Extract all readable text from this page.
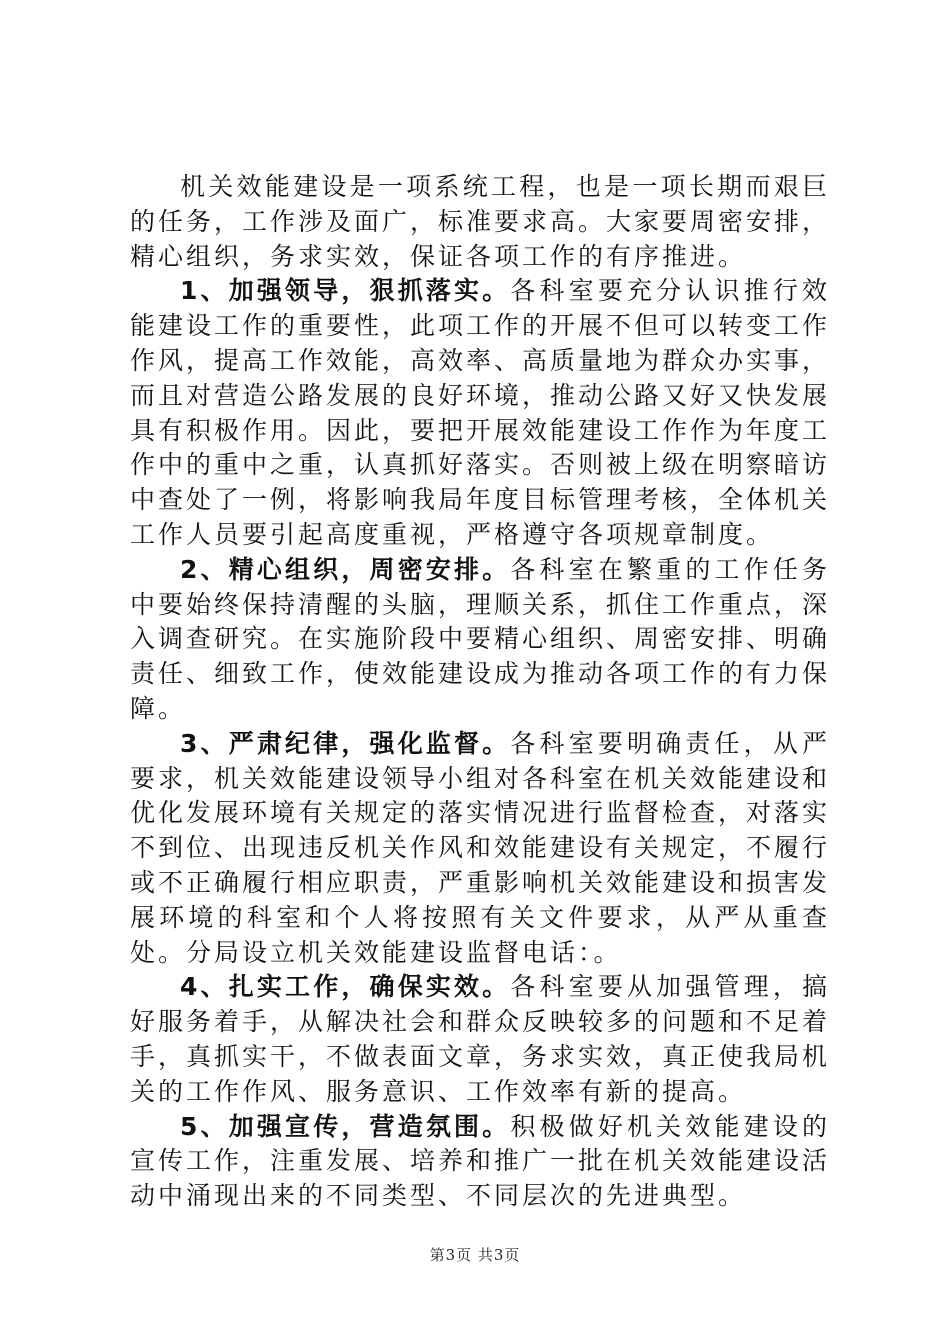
机关效能建设是一项系统工程，也是一项长期而艰巨的任务，工作涉及面广，标准要求高。大家要周密安排，精心组织，务求实效，保证各项工作的有序推进。

1、加强领导，狠抓落实。各科室要充分认识推行效能建设工作的重要性，此项工作的开展不但可以转变工作作风，提高工作效能，高效率、高质量地为群众办实事，而且对营造公路发展的良好环境，推动公路又好又快发展具有积极作用。因此，要把开展效能建设工作作为年度工作中的重中之重，认真抓好落实。否则被上级在明察暗访中查处了一例，将影响我局年度目标管理考核，全体机关工作人员要引起高度重视，严格遵守各项规章制度。

2、精心组织，周密安排。各科室在繁重的工作任务中要始终保持清醒的头脑，理顺关系，抓住工作重点，深入调查研究。在实施阶段中要精心组织、周密安排、明确责任、细致工作，使效能建设成为推动各项工作的有力保障。

3、严肃纪律，强化监督。各科室要明确责任，从严要求，机关效能建设领导小组对各科室在机关效能建设和优化发展环境有关规定的落实情况进行监督检查，对落实不到位、出现违反机关作风和效能建设有关规定，不履行或不正确履行相应职责，严重影响机关效能建设和损害发展环境的科室和个人将按照有关文件要求，从严从重查处。分局设立机关效能建设监督电话：。

4、扎实工作，确保实效。各科室要从加强管理，搞好服务着手，从解决社会和群众反映较多的问题和不足着手，真抓实干，不做表面文章，务求实效，真正使我局机关的工作作风、服务意识、工作效率有新的提高。

5、加强宣传，营造氛围。积极做好机关效能建设的宣传工作，注重发展、培养和推广一批在机关效能建设活动中涌现出来的不同类型、不同层次的先进典型。

第3页 共3页
